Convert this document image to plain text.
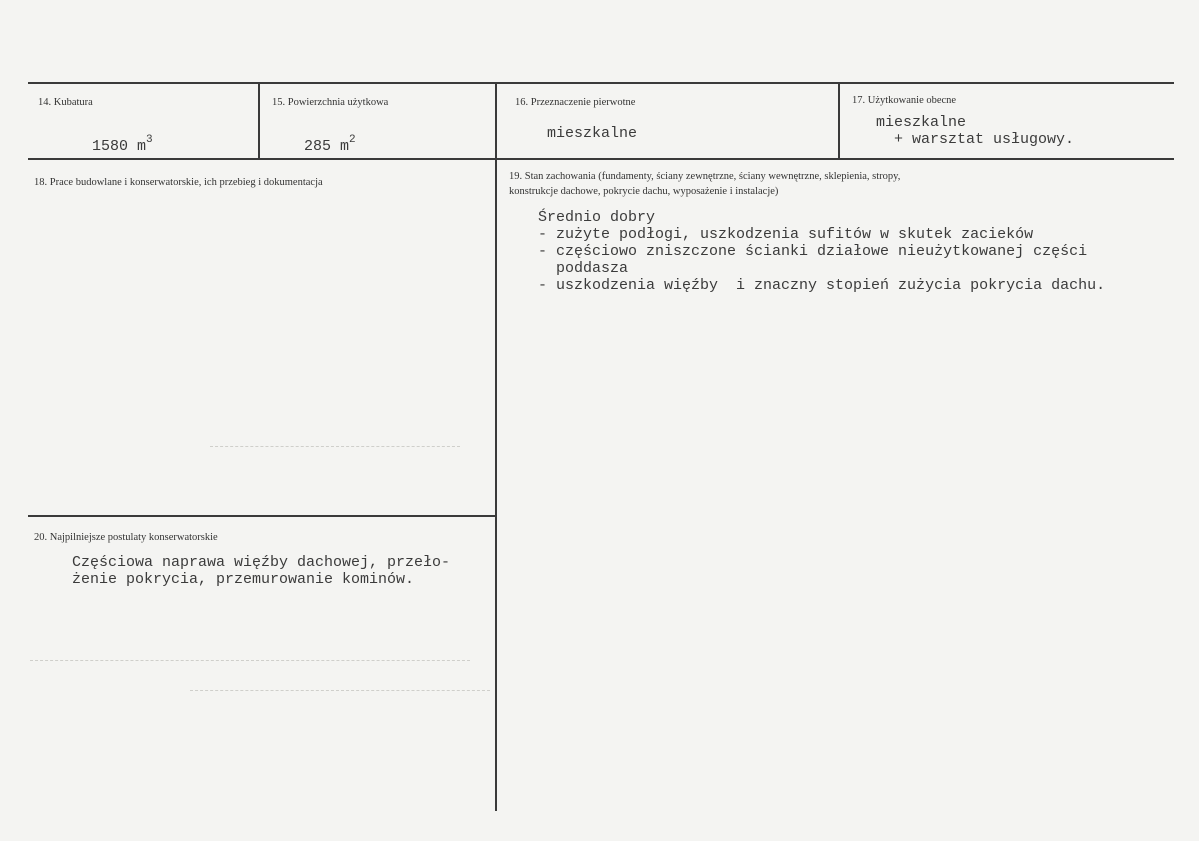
14. Kubatura
1580 $m^3$
15. Powierzchnia użytkowa
285 $m^2$
16. Przeznaczenie pierwotne
mieszkalne
17. Użytkowanie obecne
mieszkalne
+ warsztat usługowy.
18. Prace budowlane i konserwatorskie, ich przebieg i dokumentacja
19. Stan zachowania (fundamenty, ściany zewnętrzne, ściany wewnętrzne, sklepienia, stropy,
konstrukcje dachowe, pokrycie dachu, wyposażenie i instalacje)
Średnio dobry
- zużyte podłogi, uszkodzenia sufitów w skutek zacieków
- częściowo zniszczone ścianki działowe nieużytkowanej części
poddasza
- uszkodzenia więźby  i znaczny stopień zużycia pokrycia dachu.
20. Najpilniejsze postulaty konserwatorskie
Częściowa naprawa więźby dachowej, przeło-
żenie pokrycia, przemurowanie kominów.
